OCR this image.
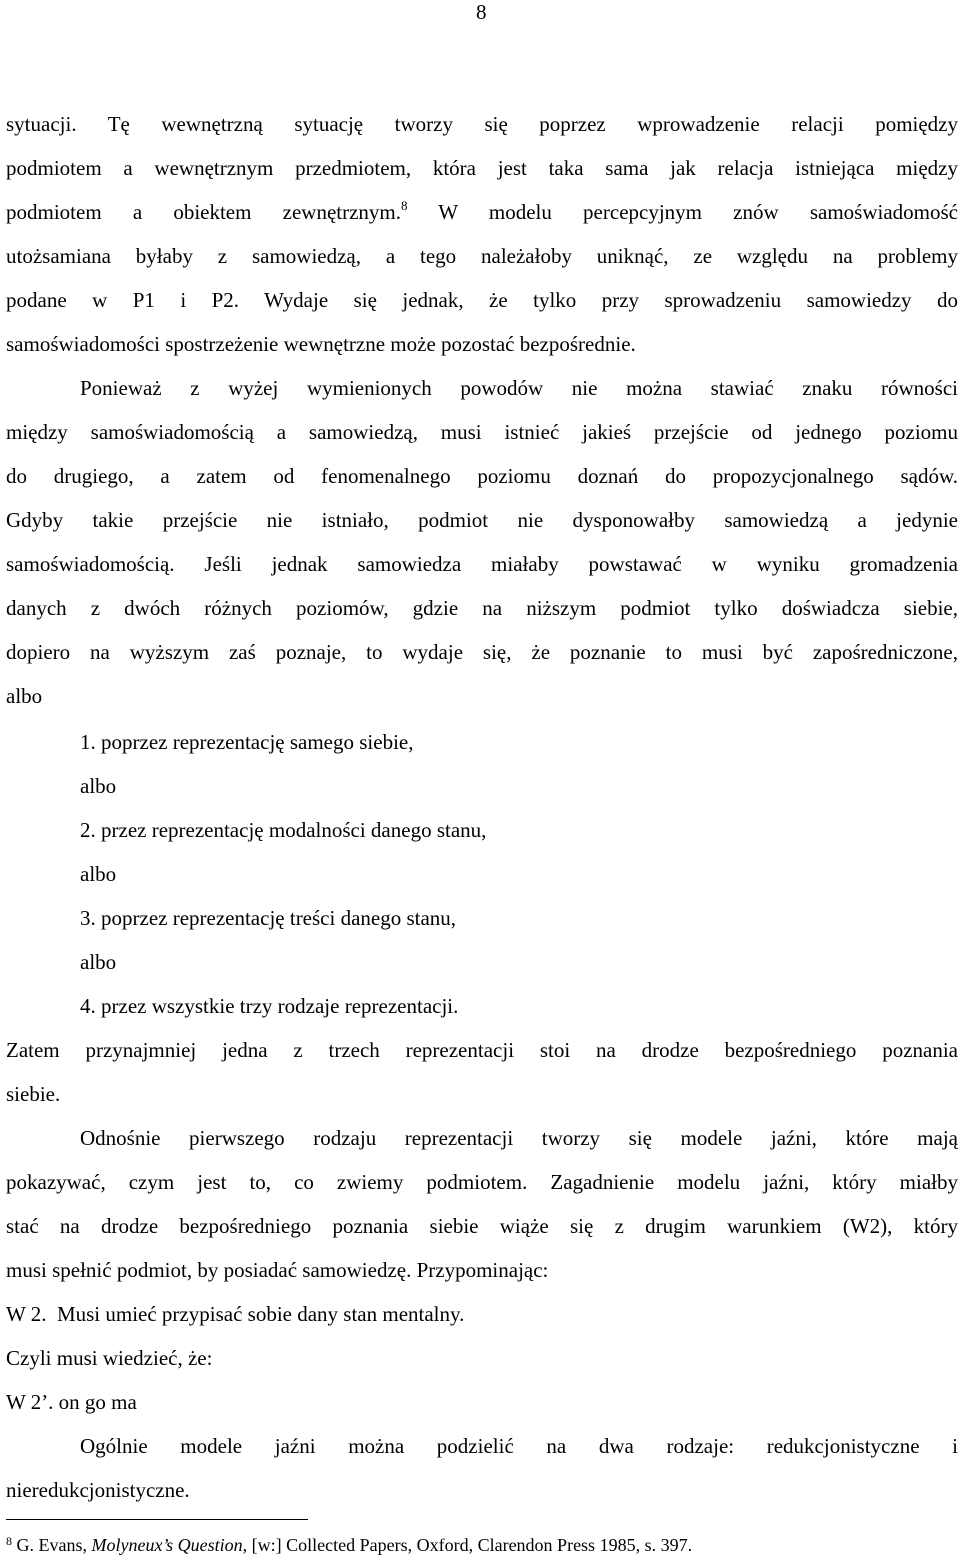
8
sytuacji. Tę wewnętrzną sytuację tworzy się poprzez wprowadzenie relacji pomiędzy
podmiotem a wewnętrznym przedmiotem, która jest taka sama jak relacja istniejąca między
podmiotem a obiektem zewnętrznym.$^8$ W modelu percepcyjnym znów samoświadomość
utożsamiana byłaby z samowiedzą, a tego należałoby uniknąć, ze względu na problemy
podane w P1 i P2. Wydaje się jednak, że tylko przy sprowadzeniu samowiedzy do
samoświadomości spostrzeżenie wewnętrzne może pozostać bezpośrednie.
Ponieważ z wyżej wymienionych powodów nie można stawiać znaku równości
między samoświadomością a samowiedzą, musi istnieć jakieś przejście od jednego poziomu
do drugiego, a zatem od fenomenalnego poziomu doznań do propozycjonalnego sądów.
Gdyby takie przejście nie istniało, podmiot nie dysponowałby samowiedzą a jedynie
samoświadomością. Jeśli jednak samowiedza miałaby powstawać w wyniku gromadzenia
danych z dwóch różnych poziomów, gdzie na niższym podmiot tylko doświadcza siebie,
dopiero na wyższym zaś poznaje, to wydaje się, że poznanie to musi być zapośredniczone,
albo
1. poprzez reprezentację samego siebie,
albo
2. przez reprezentację modalności danego stanu,
albo
3. poprzez reprezentację treści danego stanu,
albo
4. przez wszystkie trzy rodzaje reprezentacji.
Zatem przynajmniej jedna z trzech reprezentacji stoi na drodze bezpośredniego poznania
siebie.
Odnośnie pierwszego rodzaju reprezentacji tworzy się modele jaźni, które mają
pokazywać, czym jest to, co zwiemy podmiotem. Zagadnienie modelu jaźni, który miałby
stać na drodze bezpośredniego poznania siebie wiąże się z drugim warunkiem (W2), który
musi spełnić podmiot, by posiadać samowiedzę. Przypominając:
W 2.  Musi umieć przypisać sobie dany stan mentalny.
Czyli musi wiedzieć, że:
W 2’. on go ma
Ogólnie modele jaźni można podzielić na dwa rodzaje: redukcjonistyczne i
nieredukcjonistyczne.
$^8$ G. Evans, Molyneux’s Question, [w:] Collected Papers, Oxford, Clarendon Press 1985, s. 397.
